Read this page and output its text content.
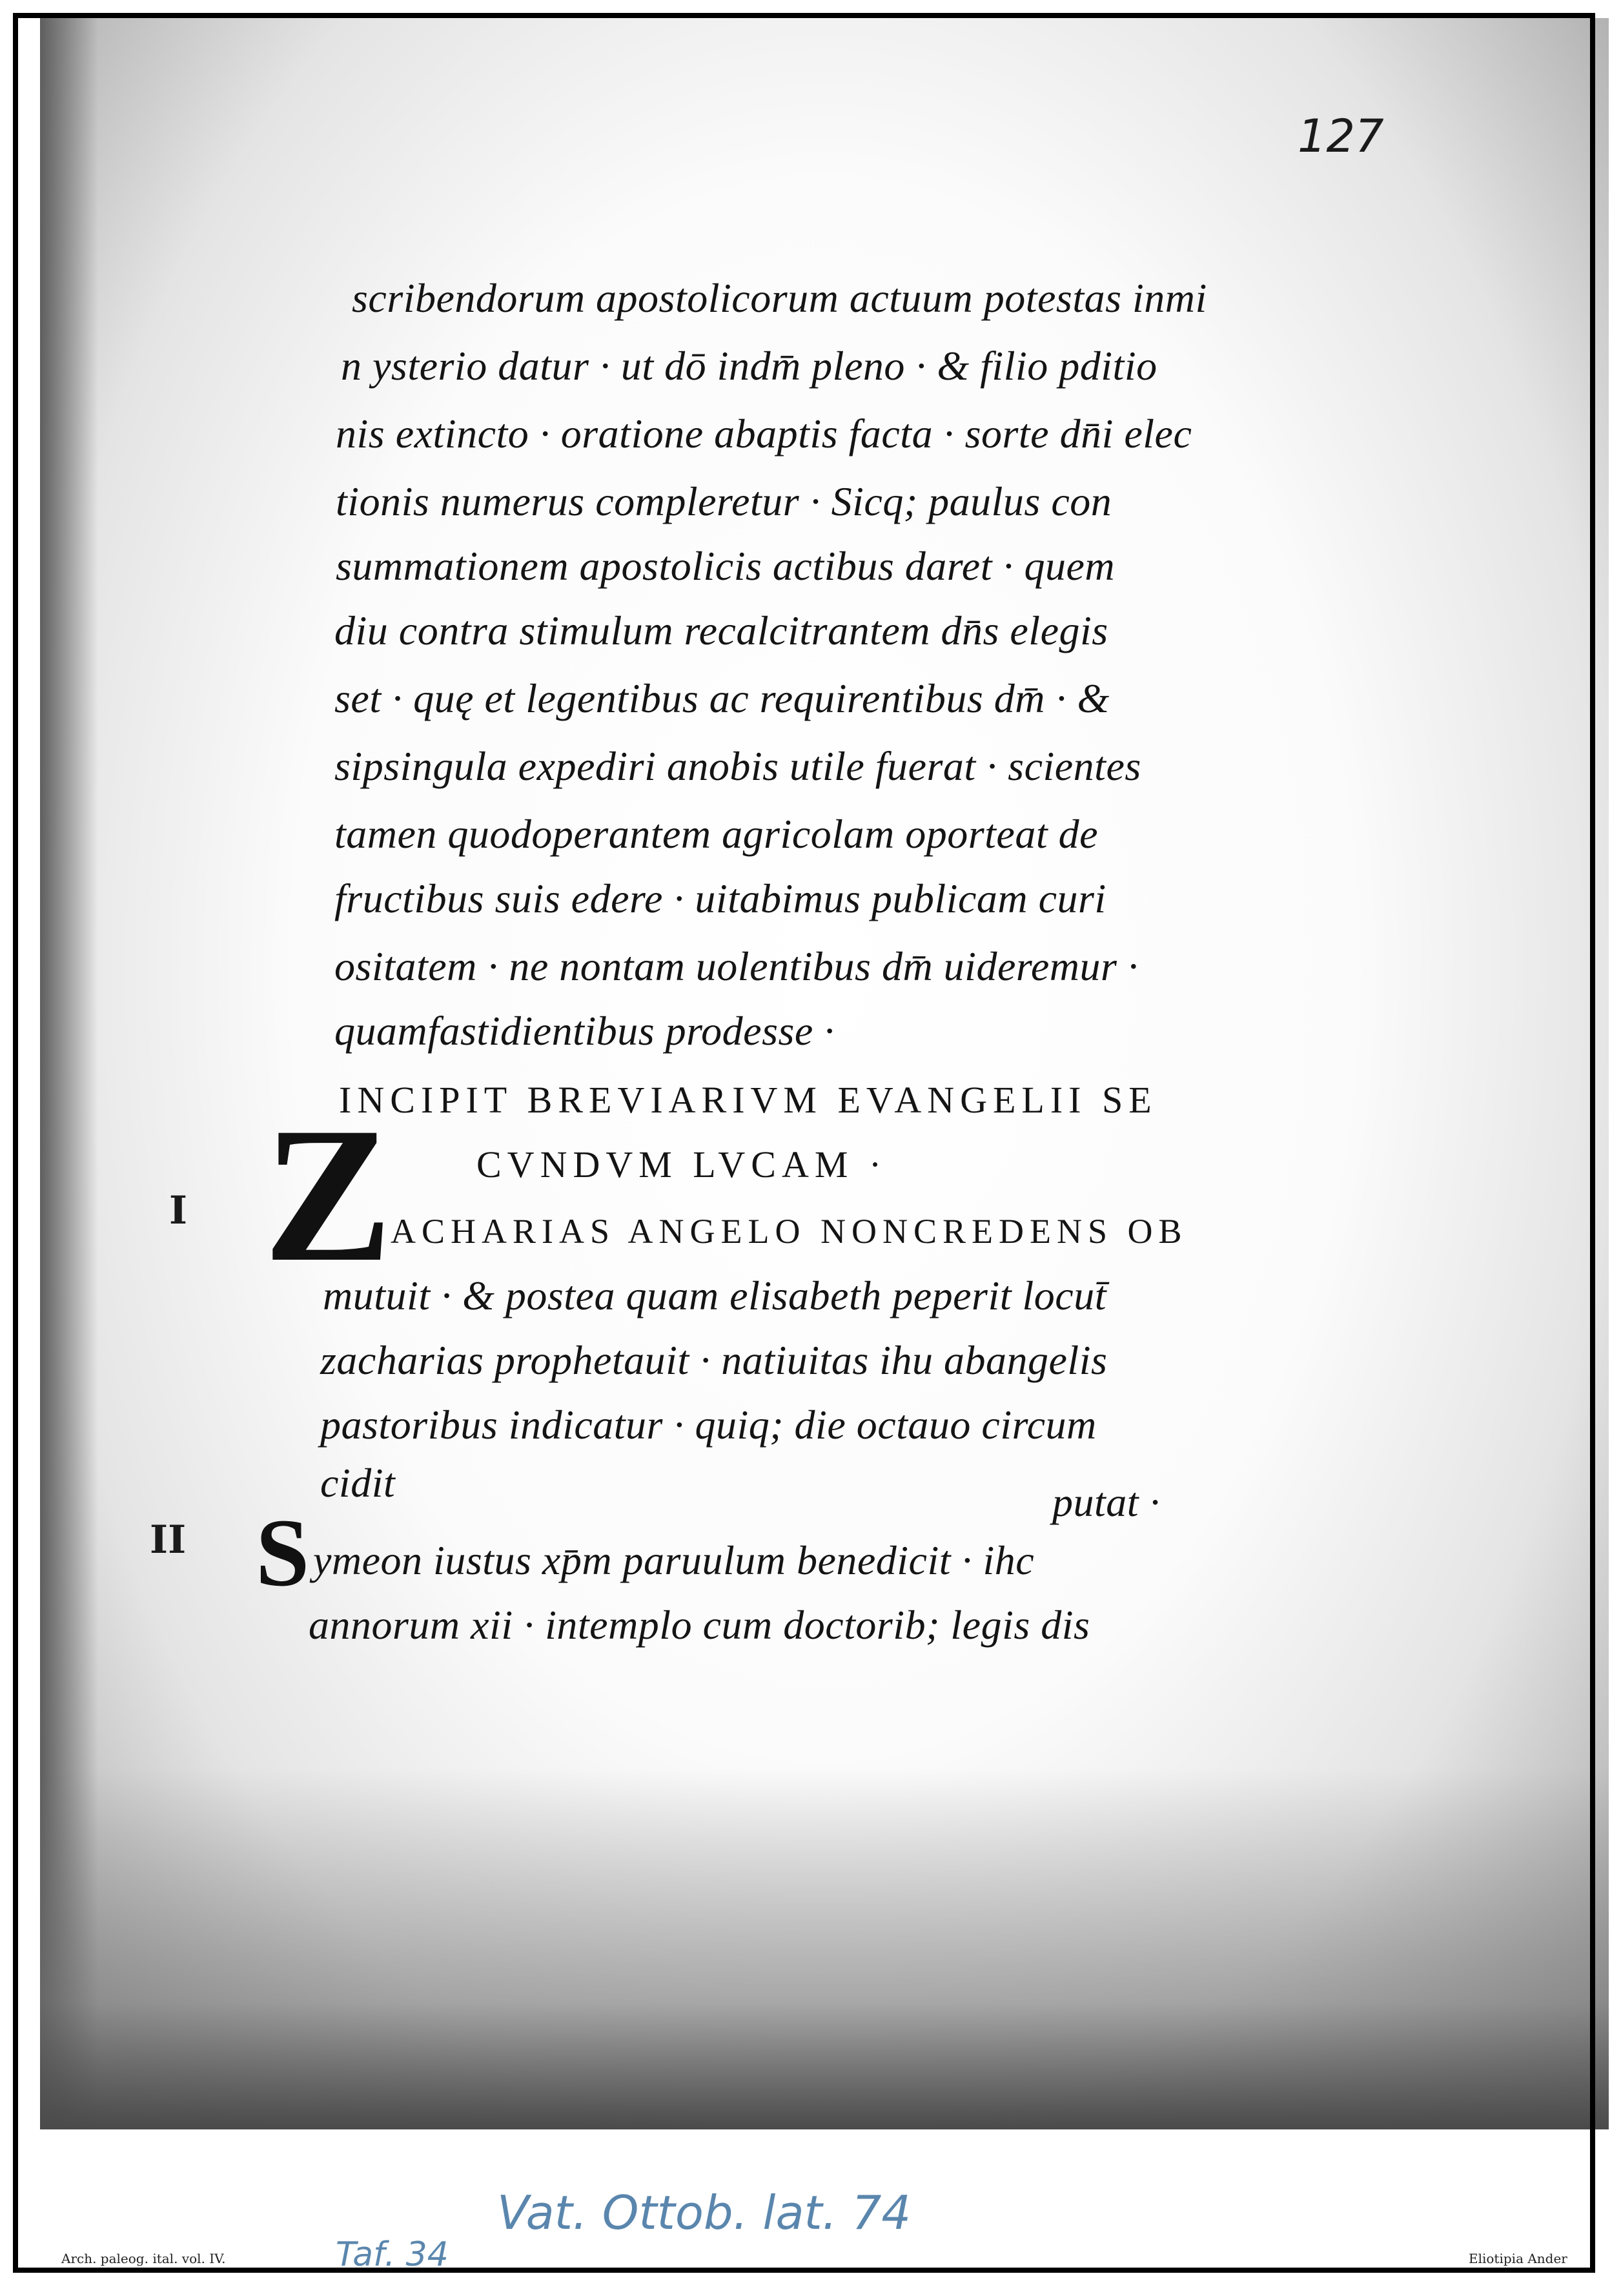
127

scribendorum apostolicorum actuum potestas inmi

n ysterio datur · ut dō indm̄ pleno · & filio pditio

nis extincto · oratione abaptis facta · sorte dn̄i elec

tionis numerus compleretur · Sicq; paulus con

summationem apostolicis actibus daret · quem

diu contra stimulum recalcitrantem dn̄s elegis

set · quę et legentibus ac requirentibus dm̄ · &

sipsingula expediri anobis utile fuerat · scientes

tamen quodoperantem agricolam oporteat de

fructibus suis edere · uitabimus publicam curi

ositatem · ne nontam uolentibus dm̄ uideremur ·

quamfastidientibus prodesse ·

INCIPIT BREVIARIVM EVANGELII SE

CVNDVM LVCAM ·

I Z

ACHARIAS ANGELO NONCREDENS OB

mutuit · & postea quam elisabeth peperit locut̄

zacharias prophetauit · natiuitas ihu abangelis

pastoribus indicatur · quiq; die octauo circum

cidit	putat ·

II S ymeon iustus xp̄m paruulum benedicit · ihc

annorum xii · intemplo cum doctorib; legis dis

Arch. paleog. ital. vol. IV.	Taf. 34
Vat. Ottob. lat. 74
Eliotipia Ander
